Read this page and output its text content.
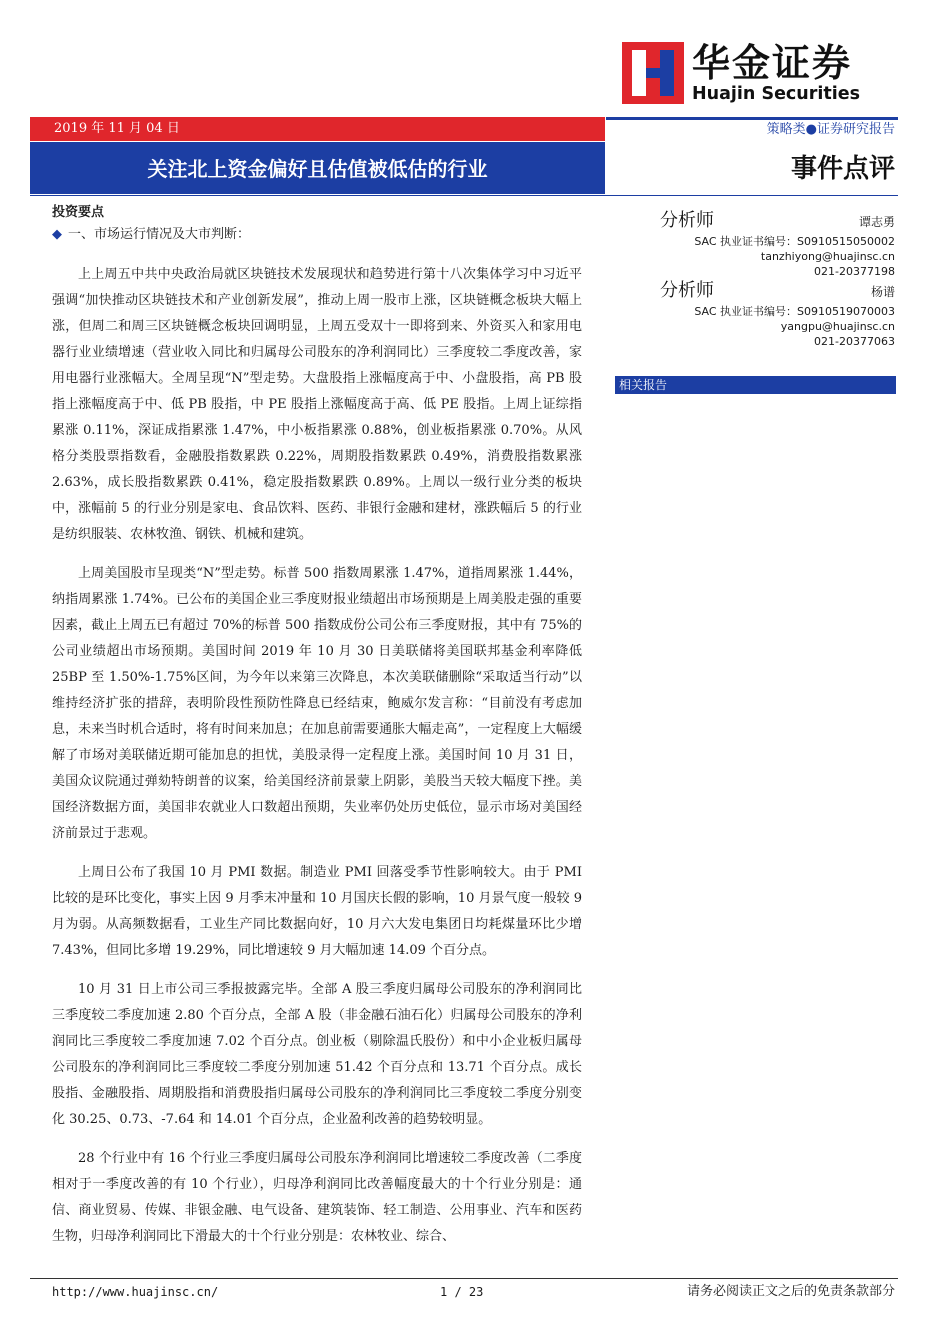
华金证券
Huajin Securities
2019 年 11 月 04 日	策略类●证券研究报告
关注北上资金偏好且估值被低估的行业	事件点评
投资要点
◆ 一、市场运行情况及大市判断：

上上周五中共中央政治局就区块链技术发展现状和趋势进行第十八次集体学习中习近平强调“加快推动区块链技术和产业创新发展”，推动上周一股市上涨，区块链概念板块大幅上涨，但周二和周三区块链概念板块回调明显，上周五受双十一即将到来、外资买入和家用电器行业业绩增速（营业收入同比和归属母公司股东的净利润同比）三季度较二季度改善，家用电器行业涨幅大。全周呈现“N”型走势。大盘股指上涨幅度高于中、小盘股指，高 PB 股指上涨幅度高于中、低 PB 股指，中 PE 股指上涨幅度高于高、低 PE 股指。上周上证综指累涨 0.11%，深证成指累涨 1.47%，中小板指累涨 0.88%，创业板指累涨 0.70%。从风格分类股票指数看，金融股指数累跌 0.22%，周期股指数累跌 0.49%，消费股指数累涨 2.63%，成长股指数累跌 0.41%，稳定股指数累跌 0.89%。上周以一级行业分类的板块中，涨幅前 5 的行业分别是家电、食品饮料、医药、非银行金融和建材，涨跌幅后 5 的行业是纺织服装、农林牧渔、钢铁、机械和建筑。

上周美国股市呈现类“N”型走势。标普 500 指数周累涨 1.47%，道指周累涨 1.44%，纳指周累涨 1.74%。已公布的美国企业三季度财报业绩超出市场预期是上周美股走强的重要因素，截止上周五已有超过 70%的标普 500 指数成份公司公布三季度财报，其中有 75%的公司业绩超出市场预期。美国时间 2019 年 10 月 30 日美联储将美国联邦基金利率降低 25BP 至 1.50%-1.75%区间，为今年以来第三次降息，本次美联储删除“采取适当行动”以维持经济扩张的措辞，表明阶段性预防性降息已经结束，鲍威尔发言称：“目前没有考虑加息，未来当时机合适时，将有时间来加息；在加息前需要通胀大幅走高”，一定程度上大幅缓解了市场对美联储近期可能加息的担忧，美股录得一定程度上涨。美国时间 10 月 31 日，美国众议院通过弹劾特朗普的议案，给美国经济前景蒙上阴影，美股当天较大幅度下挫。美国经济数据方面，美国非农就业人口数超出预期，失业率仍处历史低位，显示市场对美国经济前景过于悲观。

上周日公布了我国 10 月 PMI 数据。制造业 PMI 回落受季节性影响较大。由于 PMI 比较的是环比变化，事实上因 9 月季末冲量和 10 月国庆长假的影响，10 月景气度一般较 9 月为弱。从高频数据看，工业生产同比数据向好，10 月六大发电集团日均耗煤量环比少增 7.43%，但同比多增 19.29%，同比增速较 9 月大幅加速 14.09 个百分点。

10 月 31 日上市公司三季报披露完毕。全部 A 股三季度归属母公司股东的净利润同比三季度较二季度加速 2.80 个百分点，全部 A 股（非金融石油石化）归属母公司股东的净利润同比三季度较二季度加速 7.02 个百分点。创业板（剔除温氏股份）和中小企业板归属母公司股东的净利润同比三季度较二季度分别加速 51.42 个百分点和 13.71 个百分点。成长股指、金融股指、周期股指和消费股指归属母公司股东的净利润同比三季度较二季度分别变化 30.25、0.73、-7.64 和 14.01 个百分点，企业盈利改善的趋势较明显。

28 个行业中有 16 个行业三季度归属母公司股东净利润同比增速较二季度改善（二季度相对于一季度改善的有 10 个行业），归母净利润同比改善幅度最大的十个行业分别是：通信、商业贸易、传媒、非银金融、电气设备、建筑装饰、轻工制造、公用事业、汽车和医药生物，归母净利润同比下滑最大的十个行业分别是：农林牧业、综合、

分析师	谭志勇
SAC 执业证书编号：S0910515050002
tanzhiyong@huajinsc.cn
021-20377198
分析师	杨谱
SAC 执业证书编号：S0910519070003
yangpu@huajinsc.cn
021-20377063
相关报告
http://www.huajinsc.cn/	1 / 23	请务必阅读正文之后的免责条款部分
